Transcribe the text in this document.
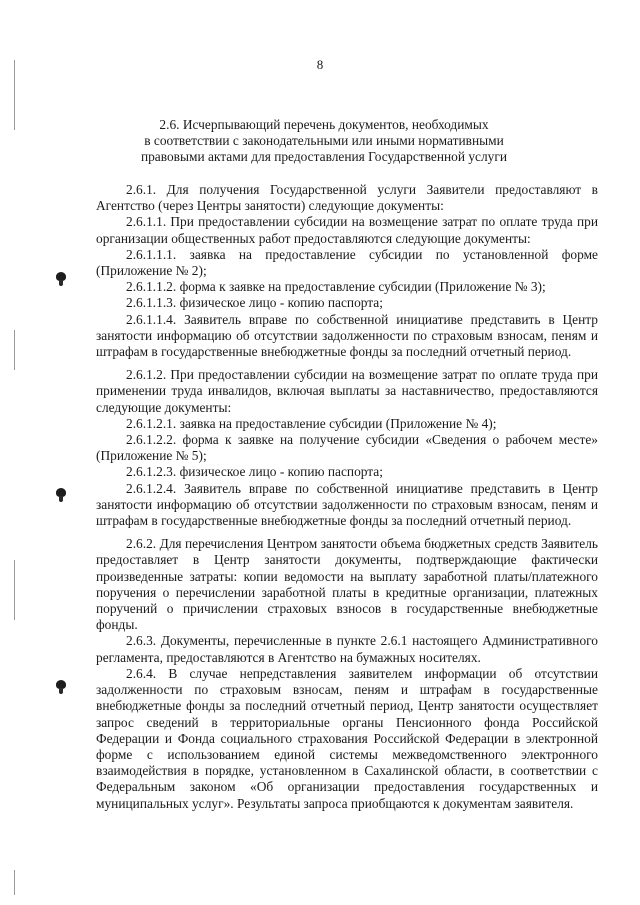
8
2.6. Исчерпывающий перечень документов, необходимых
в соответствии с законодательными или иными нормативными
правовыми актами для предоставления Государственной услуги

2.6.1. Для получения Государственной услуги Заявители предоставляют в Агентство (через Центры занятости) следующие документы:

2.6.1.1. При предоставлении субсидии на возмещение затрат по оплате труда при организации общественных работ предоставляются следующие документы:

2.6.1.1.1. заявка на предоставление субсидии по установленной форме (Приложение № 2);

2.6.1.1.2. форма к заявке на предоставление субсидии (Приложение № 3);

2.6.1.1.3. физическое лицо - копию паспорта;

2.6.1.1.4. Заявитель вправе по собственной инициативе представить в Центр занятости информацию об отсутствии задолженности по страховым взносам, пеням и штрафам в государственные внебюджетные фонды за последний отчетный период.

2.6.1.2. При предоставлении субсидии на возмещение затрат по оплате труда при применении труда инвалидов, включая выплаты за наставничество, предоставляются следующие документы:

2.6.1.2.1. заявка на предоставление субсидии (Приложение № 4);

2.6.1.2.2. форма к заявке на получение субсидии «Сведения о рабочем месте» (Приложение № 5);

2.6.1.2.3. физическое лицо - копию паспорта;

2.6.1.2.4. Заявитель вправе по собственной инициативе представить в Центр занятости информацию об отсутствии задолженности по страховым взносам, пеням и штрафам в государственные внебюджетные фонды за последний отчетный период.

2.6.2. Для перечисления Центром занятости объема бюджетных средств Заявитель предоставляет в Центр занятости документы, подтверждающие фактически произведенные затраты: копии ведомости на выплату заработной платы/платежного поручения о перечислении заработной платы в кредитные организации, платежных поручений о причислении страховых взносов в государственные внебюджетные фонды.

2.6.3. Документы, перечисленные в пункте 2.6.1 настоящего Административного регламента, предоставляются в Агентство на бумажных носителях.

2.6.4. В случае непредставления заявителем информации об отсутствии задолженности по страховым взносам, пеням и штрафам в государственные внебюджетные фонды за последний отчетный период, Центр занятости осуществляет запрос сведений в территориальные органы Пенсионного фонда Российской Федерации и Фонда социального страхования Российской Федерации в электронной форме с использованием единой системы межведомственного электронного взаимодействия в порядке, установленном в Сахалинской области, в соответствии с Федеральным законом «Об организации предоставления государственных и муниципальных услуг». Результаты запроса приобщаются к документам заявителя.
